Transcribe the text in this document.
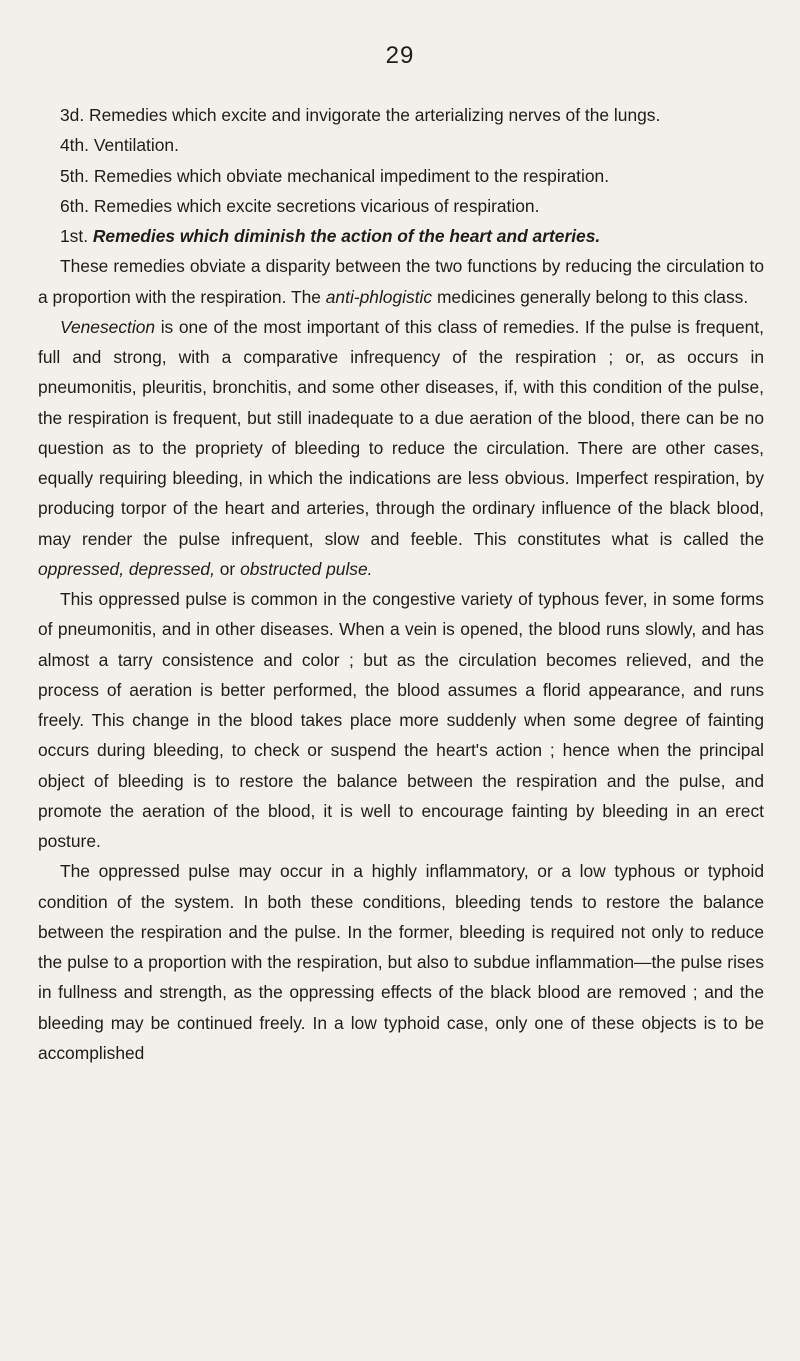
29

3d. Remedies which excite and invigorate the arterializing nerves of the lungs.

4th. Ventilation.

5th. Remedies which obviate mechanical impediment to the respiration.

6th. Remedies which excite secretions vicarious of respiration.

1st. Remedies which diminish the action of the heart and arteries.

These remedies obviate a disparity between the two functions by reducing the circulation to a proportion with the respiration. The anti-phlogistic medicines generally belong to this class.

Venesection is one of the most important of this class of remedies. If the pulse is frequent, full and strong, with a comparative infrequency of the respiration ; or, as occurs in pneumonitis, pleuritis, bronchitis, and some other diseases, if, with this condition of the pulse, the respiration is frequent, but still inadequate to a due aeration of the blood, there can be no question as to the propriety of bleeding to reduce the circulation. There are other cases, equally requiring bleeding, in which the indications are less obvious. Imperfect respiration, by producing torpor of the heart and arteries, through the ordinary influence of the black blood, may render the pulse infrequent, slow and feeble. This constitutes what is called the oppressed, depressed, or obstructed pulse.

This oppressed pulse is common in the congestive variety of typhous fever, in some forms of pneumonitis, and in other diseases. When a vein is opened, the blood runs slowly, and has almost a tarry consistence and color ; but as the circulation becomes relieved, and the process of aeration is better performed, the blood assumes a florid appearance, and runs freely. This change in the blood takes place more suddenly when some degree of fainting occurs during bleeding, to check or suspend the heart's action ; hence when the principal object of bleeding is to restore the balance between the respiration and the pulse, and promote the aeration of the blood, it is well to encourage fainting by bleeding in an erect posture.

The oppressed pulse may occur in a highly inflammatory, or a low typhous or typhoid condition of the system. In both these conditions, bleeding tends to restore the balance between the respiration and the pulse. In the former, bleeding is required not only to reduce the pulse to a proportion with the respiration, but also to subdue inflammation—the pulse rises in fullness and strength, as the oppressing effects of the black blood are removed ; and the bleeding may be continued freely. In a low typhoid case, only one of these objects is to be accomplished
